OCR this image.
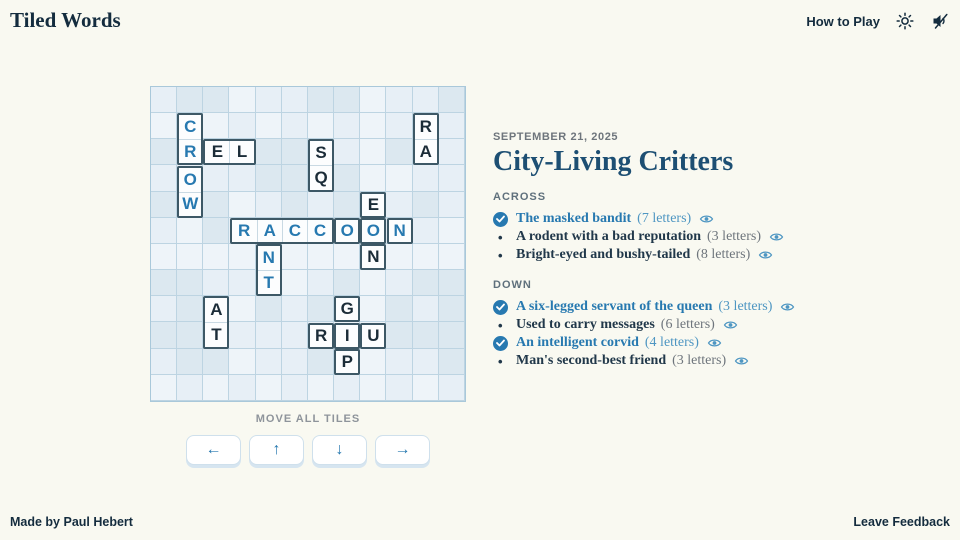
Tiled Words	How to Play
C
R
O
W
E L	S
Q
R
A
E
R A C C O O N
N
N
T
A
T
G
R	I	U
P
MOVE ALL TILES
←	↑	↓	→
SEPTEMBER 21, 2025
City-Living Critters
ACROSS
The masked bandit (7 letters)
• A rodent with a bad reputation (3 letters)
• Bright-eyed and bushy-tailed (8 letters)
DOWN
A six-legged servant of the queen (3 letters)
• Used to carry messages (6 letters)
An intelligent corvid (4 letters)
• Man's second-best friend (3 letters)
Made by Paul Hebert	Leave Feedback
